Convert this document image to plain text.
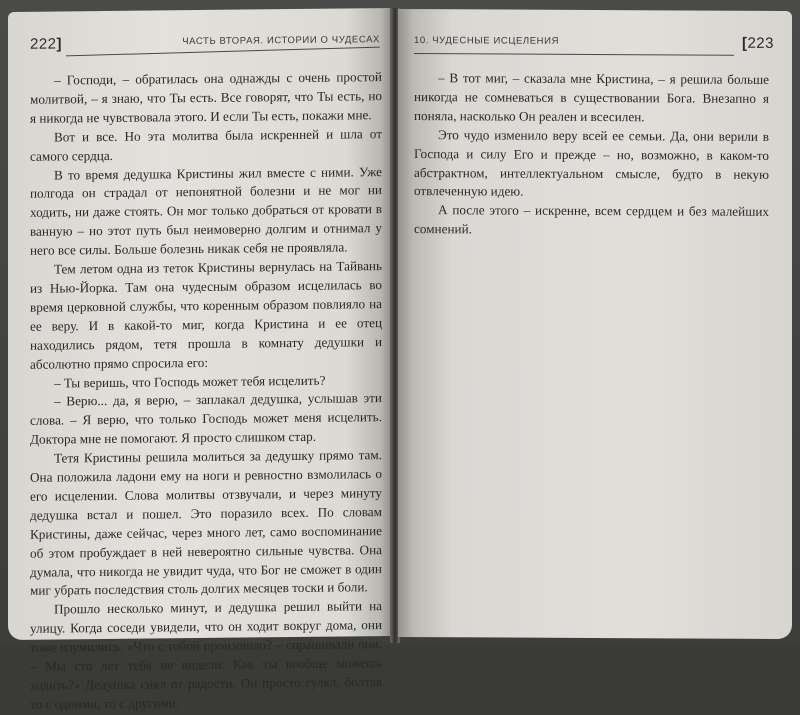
222]	ЧАСТЬ ВТОРАЯ. ИСТОРИИ О ЧУДЕСАХ

– Господи, – обратилась она однажды с очень простой молитвой, – я знаю, что Ты есть. Все говорят, что Ты есть, но я никогда не чувствовала этого. И если Ты есть, покажи мне.

Вот и все. Но эта молитва была искренней и шла от самого сердца.

В то время дедушка Кристины жил вместе с ними. Уже полгода он страдал от непонятной болезни и не мог ни ходить, ни даже стоять. Он мог только добраться от кровати в ванную – но этот путь был неимоверно долгим и отнимал у него все силы. Больше болезнь никак себя не проявляла.

Тем летом одна из теток Кристины вернулась на Тайвань из Нью-Йорка. Там она чудесным образом исцелилась во время церковной службы, что коренным образом повлияло на ее веру. И в какой-то миг, когда Кристина и ее отец находились рядом, тетя прошла в комнату дедушки и абсолютно прямо спросила его:

– Ты веришь, что Господь может тебя исцелить?

– Верю... да, я верю, – заплакал дедушка, услышав эти слова. – Я верю, что только Господь может меня исцелить. Доктора мне не помогают. Я просто слишком стар.

Тетя Кристины решила молиться за дедушку прямо там. Она положила ладони ему на ноги и ревностно взмолилась о его исцелении. Слова молитвы отзвучали, и через минуту дедушка встал и пошел. Это поразило всех. По словам Кристины, даже сейчас, через много лет, само воспоминание об этом пробуждает в ней невероятно сильные чувства. Она думала, что никогда не увидит чуда, что Бог не сможет в один миг убрать последствия столь долгих месяцев тоски и боли.

Прошло несколько минут, и дедушка решил выйти на улицу. Когда соседи увидели, что он ходит вокруг дома, они тоже изумились. «Что с тобой произошло? – спрашивали они. – Мы сто лет тебя не видели. Как ты вообще можешь ходить?» Дедушка сиял от радости. Он просто гулял, болтая то с одними, то с другими.

10. ЧУДЕСНЫЕ ИСЦЕЛЕНИЯ	[223

– В тот миг, – сказала мне Кристина, – я решила больше никогда не сомневаться в существовании Бога. Внезапно я поняла, насколько Он реален и всесилен.

Это чудо изменило веру всей ее семьи. Да, они верили в Господа и силу Его и прежде – но, возможно, в каком-то абстрактном, интеллектуальном смысле, будто в некую отвлеченную идею.

А после этого – искренне, всем сердцем и без малейших сомнений.
